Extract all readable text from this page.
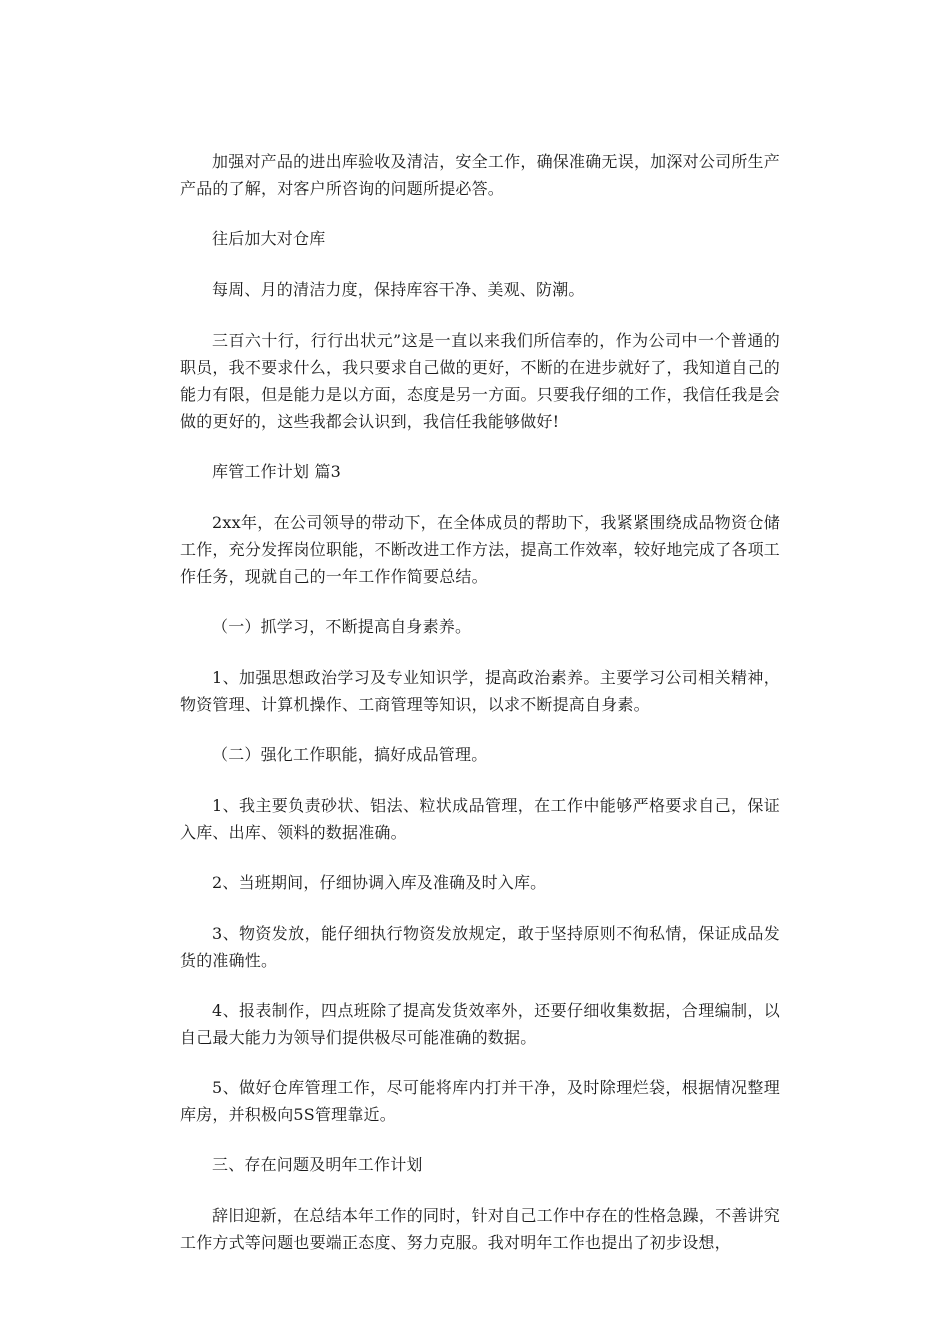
加强对产品的进出库验收及清洁，安全工作，确保准确无误，加深对公司所生产产品的了解，对客户所咨询的问题所提必答。

往后加大对仓库

每周、月的清洁力度，保持库容干净、美观、防潮。

三百六十行，行行出状元”这是一直以来我们所信奉的，作为公司中一个普通的职员，我不要求什么，我只要求自己做的更好，不断的在进步就好了，我知道自己的能力有限，但是能力是以方面，态度是另一方面。只要我仔细的工作，我信任我是会做的更好的，这些我都会认识到，我信任我能够做好!

库管工作计划 篇3

2xx年，在公司领导的带动下，在全体成员的帮助下，我紧紧围绕成品物资仓储工作，充分发挥岗位职能，不断改进工作方法，提高工作效率，较好地完成了各项工作任务，现就自己的一年工作作简要总结。

（一）抓学习，不断提高自身素养。

1、加强思想政治学习及专业知识学，提高政治素养。主要学习公司相关精神，物资管理、计算机操作、工商管理等知识，以求不断提高自身素。

（二）强化工作职能，搞好成品管理。

1、我主要负责砂状、铝法、粒状成品管理，在工作中能够严格要求自己，保证入库、出库、领料的数据准确。

2、当班期间，仔细协调入库及准确及时入库。

3、物资发放，能仔细执行物资发放规定，敢于坚持原则不徇私情，保证成品发货的准确性。

4、报表制作，四点班除了提高发货效率外，还要仔细收集数据，合理编制，以自己最大能力为领导们提供极尽可能准确的数据。

5、做好仓库管理工作，尽可能将库内打并干净，及时除理烂袋，根据情况整理库房，并积极向5S管理靠近。

三、存在问题及明年工作计划

辞旧迎新，在总结本年工作的同时，针对自己工作中存在的性格急躁，不善讲究工作方式等问题也要端正态度、努力克服。我对明年工作也提出了初步设想，
